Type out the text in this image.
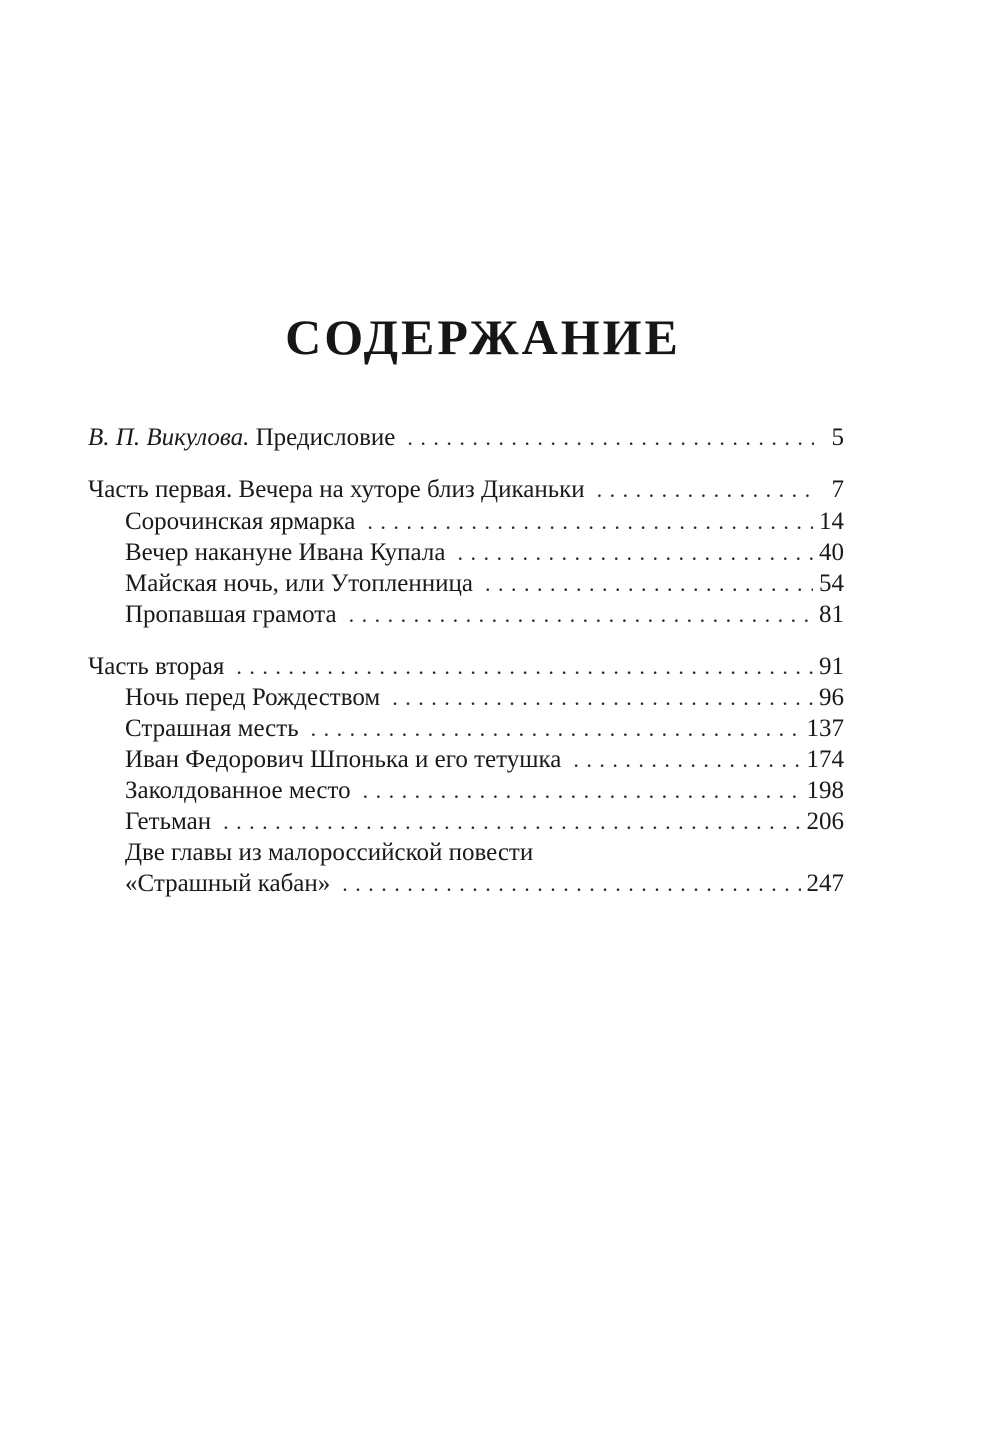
СОДЕРЖАНИЕ
В. П. Викулова. Предисловие . . .	5
Часть первая. Вечера на хуторе близ Диканьки . . .	7
Сорочинская ярмарка . . .	14
Вечер накануне Ивана Купала . . .	40
Майская ночь, или Утопленница . . .	54
Пропавшая грамота . . .	81
Часть вторая . . .	91
Ночь перед Рождеством . . .	96
Страшная месть . . .	137
Иван Федорович Шпонька и его тетушка . . .	174
Заколдованное место . . .	198
Гетьман . . .	206
Две главы из малороссийской повести
«Страшный кабан» . . .	247
